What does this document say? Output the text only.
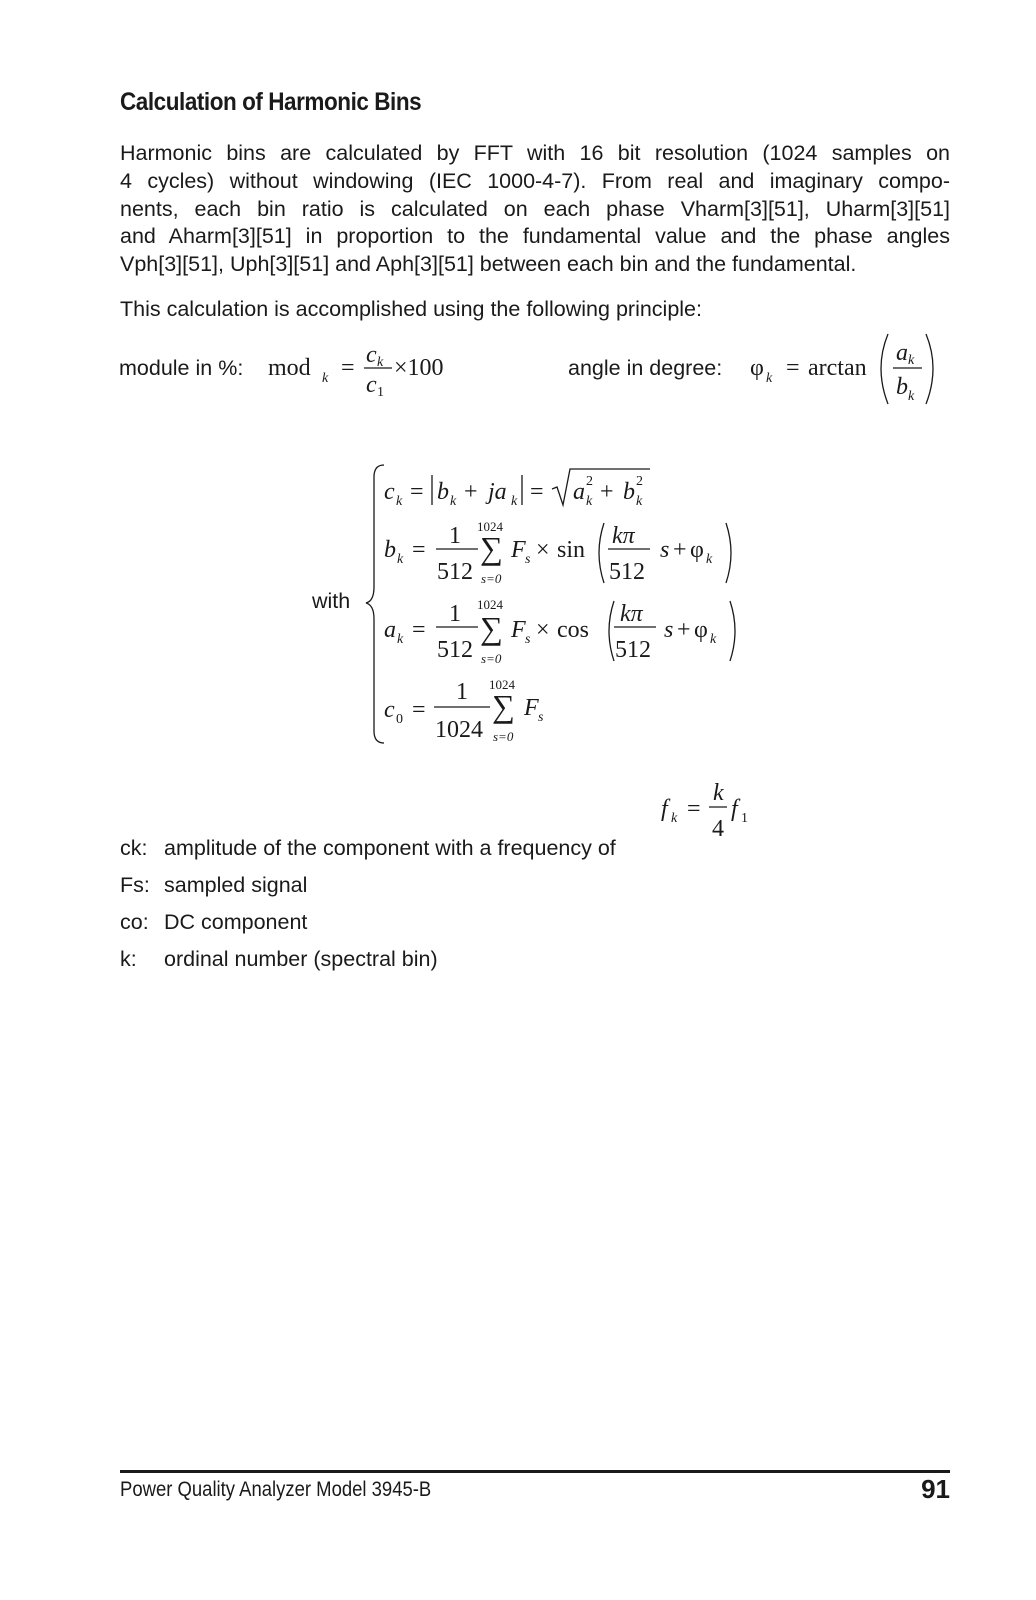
Calculation of Harmonic Bins
Harmonic bins are calculated by FFT with 16 bit resolution (1024 samples on
4 cycles) without windowing (IEC 1000-4-7). From real and imaginary compo-
nents, each bin ratio is calculated on each phase Vharm[3][51], Uharm[3][51]
and Aharm[3][51] in proportion to the fundamental value and the phase angles
Vph[3][51], Uph[3][51] and Aph[3][51] between each bin and the fundamental.
This calculation is accomplished using the following principle:
module in %: mod k = c k
c 1
×100	angle in degree: φ k = arctan
a k
b k
with
c k = b k + ja k = a 2
k + b 2
k
b k =
1
512
1024
∑
s=0
F s × sin
kπ
512
s + φ k
a k =
1
512
1024
∑
s=0
F s × cos
kπ
512
s + φ k
c 0 =
1
1024
1024
∑
s=0
F s
ck: amplitude of the component with a frequency of
Fs: sampled signal
co: DC component
k:	ordinal number (spectral bin)
f k =
k
4
f 1
Power Quality Analyzer Model 3945-B	91
